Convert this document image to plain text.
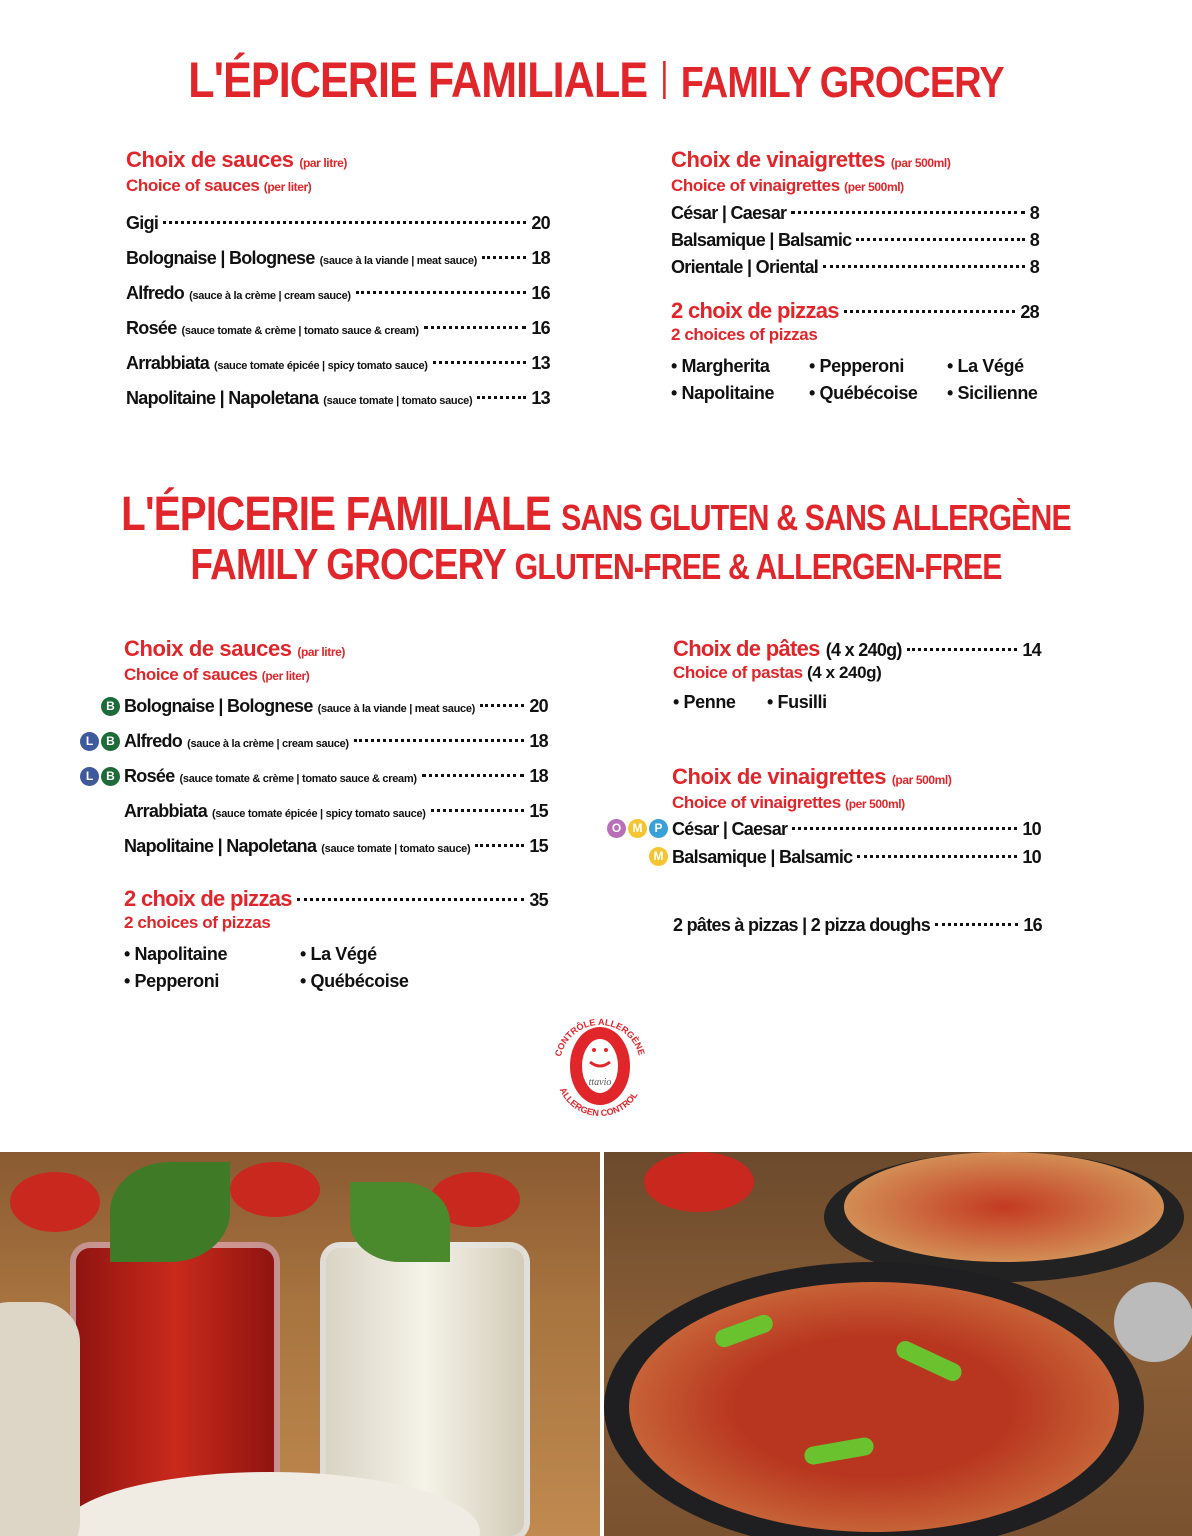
L'ÉPICERIE FAMILIALE FAMILY GROCERY
Choix de sauces (par litre)
Choice of sauces (per liter)
Gigi	20
Bolognaise | Bolognese (sauce à la viande | meat sauce)	18
Alfredo (sauce à la crème | cream sauce)	16
Rosée (sauce tomate & crème | tomato sauce & cream)	16
Arrabbiata (sauce tomate épicée | spicy tomato sauce)	13
Napolitaine | Napoletana (sauce tomate | tomato sauce)	13
Choix de vinaigrettes (par 500ml)
Choice of vinaigrettes (per 500ml)
César | Caesar	8
Balsamique | Balsamic	8
Orientale | Oriental	8
2 choix de pizzas	28
2 choices of pizzas
• Margherita	• Pepperoni	• La Végé
• Napolitaine	• Québécoise	• Sicilienne
L'ÉPICERIE FAMILIALE SANS GLUTEN & SANS ALLERGÈNE
FAMILY GROCERY GLUTEN-FREE & ALLERGEN-FREE
Choix de sauces (par litre)
Choice of sauces (per liter)
B Bolognaise | Bolognese (sauce à la viande | meat sauce)	20
L	B Alfredo (sauce à la crème | cream sauce)	18
L	B Rosée (sauce tomate & crème | tomato sauce & cream)	18
Arrabbiata (sauce tomate épicée | spicy tomato sauce)	15
Napolitaine | Napoletana (sauce tomate | tomato sauce)	15
2 choix de pizzas	35
2 choices of pizzas
• Napolitaine	• La Végé
• Pepperoni	• Québécoise
Choix de pâtes (4 x 240g)	14
Choice of pastas (4 x 240g)
• Penne	• Fusilli
Choix de vinaigrettes (par 500ml)
Choice of vinaigrettes (per 500ml)
O M P César | Caesar	10
M Balsamique | Balsamic	10
2 pâtes à pizzas | 2 pizza doughs	16
CONTRÔLE ALLERGÈNE
ALLERGEN CONTROL
ttavio
